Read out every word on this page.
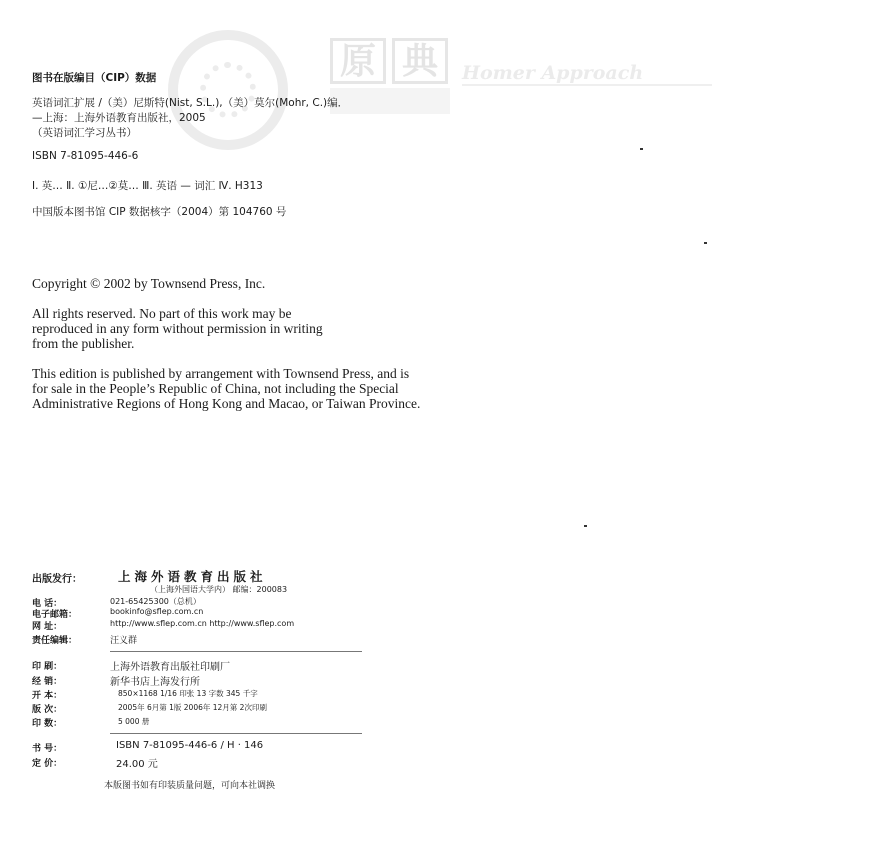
原 典	Homer Approach
图书在版编目（CIP）数据
英语词汇扩展 /（美）尼斯特(Nist, S.L.),（美）莫尔(Mohr, C.)编．
—上海：上海外语教育出版社，2005
（英语词汇学习丛书）
ISBN 7-81095-446-6
Ⅰ. 英… Ⅱ. ①尼…②莫… Ⅲ. 英语 — 词汇 Ⅳ. H313
中国版本图书馆 CIP 数据核字（2004）第 104760 号
Copyright © 2002 by Townsend Press, Inc.
All rights reserved. No part of this work may be
reproduced in any form without permission in writing
from the publisher.
This edition is published by arrangement with Townsend Press, and is
for sale in the People’s Republic of China, not including the Special
Administrative Regions of Hong Kong and Macao, or Taiwan Province.
出版发行：	上海外语教育出版社
（上海外国语大学内） 邮编：200083
电 话：	021-65425300（总机）
电子邮箱：	bookinfo@sflep.com.cn
网 址：	http://www.sflep.com.cn http://www.sflep.com
责任编辑：	汪义群
印 刷：	上海外语教育出版社印刷厂
经 销：	新华书店上海发行所
开 本：	850×1168 1/16 印张 13 字数 345 千字
版 次：	2005年 6月第 1版 2006年 12月第 2次印刷
印 数：	5 000 册
书 号：	ISBN 7-81095-446-6 / H · 146
定 价：	24.00 元
本版图书如有印装质量问题，可向本社调换
